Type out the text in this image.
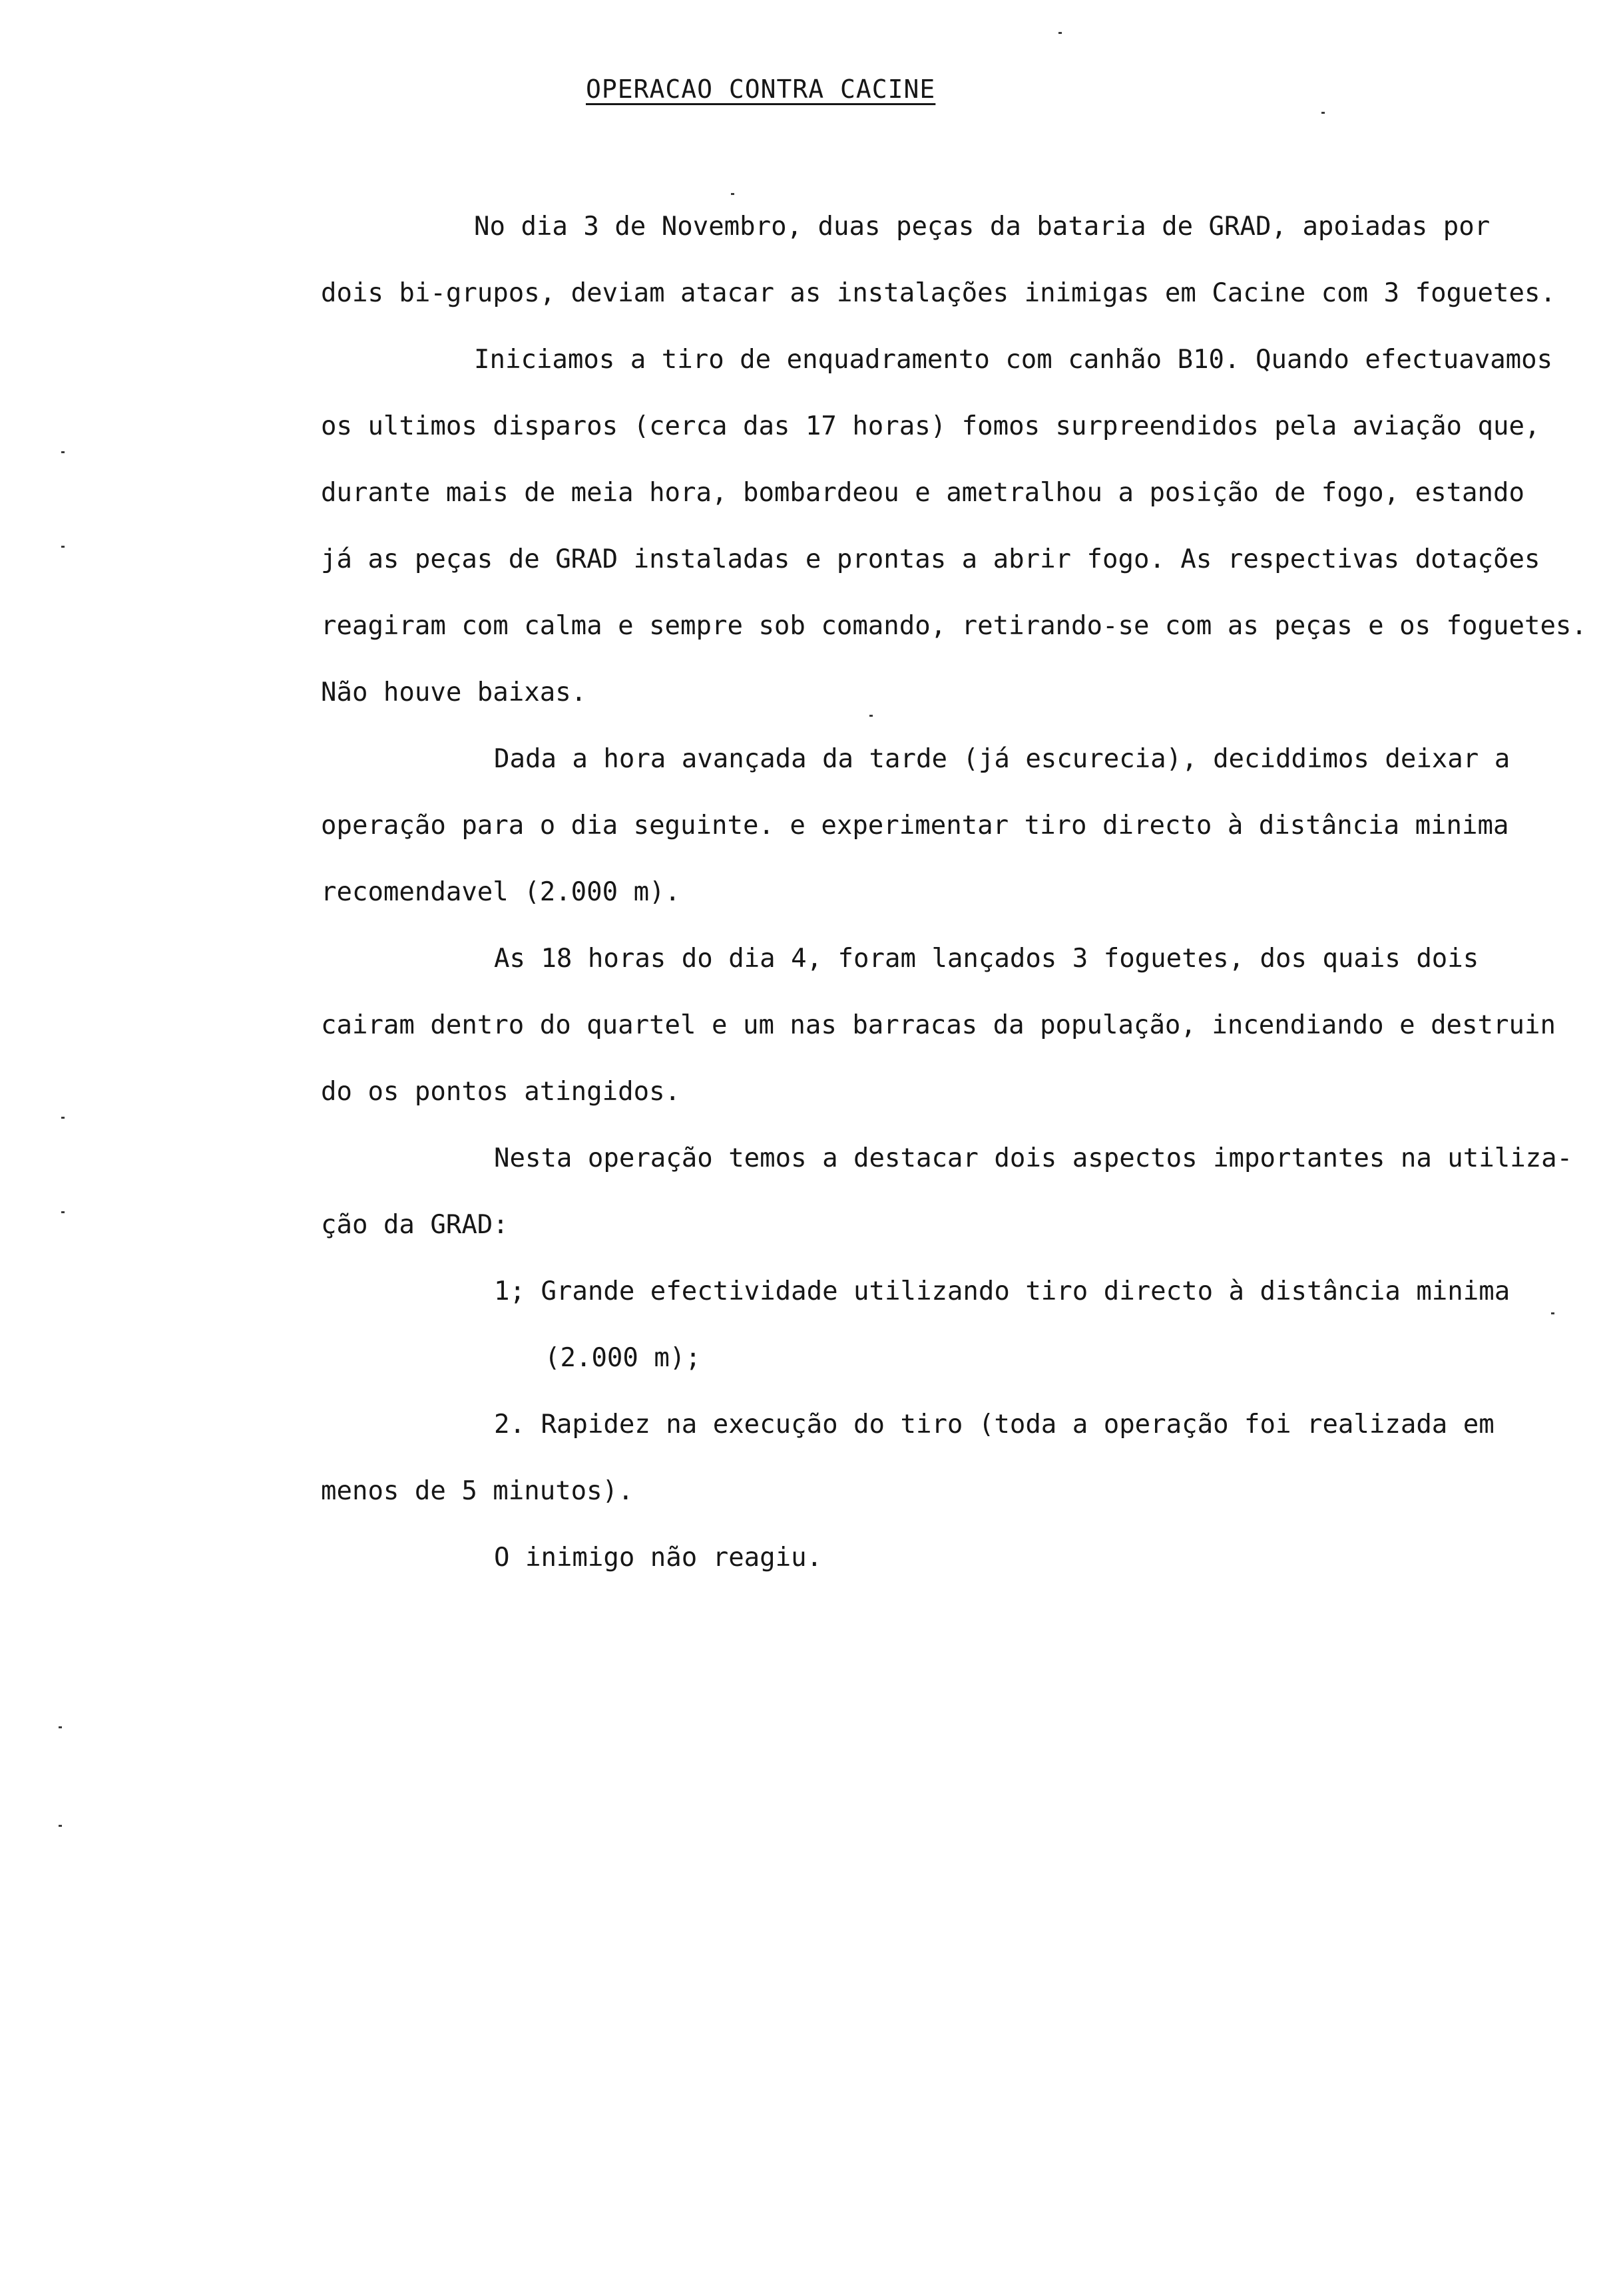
OPERACAO CONTRA CACINE
No dia 3 de Novembro, duas peças da bataria de GRAD, apoiadas por
dois bi-grupos, deviam atacar as instalações inimigas em Cacine com 3 foguetes.
Iniciamos a tiro de enquadramento com canhão B10. Quando efectuavamos
os ultimos disparos (cerca das 17 horas) fomos surpreendidos pela aviação que,
durante mais de meia hora, bombardeou e ametralhou a posição de fogo, estando
já as peças de GRAD instaladas e prontas a abrir fogo. As respectivas dotações
reagiram com calma e sempre sob comando, retirando-se com as peças e os foguetes.
Não houve baixas.
Dada a hora avançada da tarde (já escurecia), deciddimos deixar a
operação para o dia seguinte. e experimentar tiro directo à distância minima
recomendavel (2.000 m).
As 18 horas do dia 4, foram lançados 3 foguetes, dos quais dois
cairam dentro do quartel e um nas barracas da população, incendiando e destruin
do os pontos atingidos.
Nesta operação temos a destacar dois aspectos importantes na utiliza-
ção da GRAD:
1; Grande efectividade utilizando tiro directo à distância minima
(2.000 m);
2. Rapidez na execução do tiro (toda a operação foi realizada em
menos de 5 minutos).
O inimigo não reagiu.
